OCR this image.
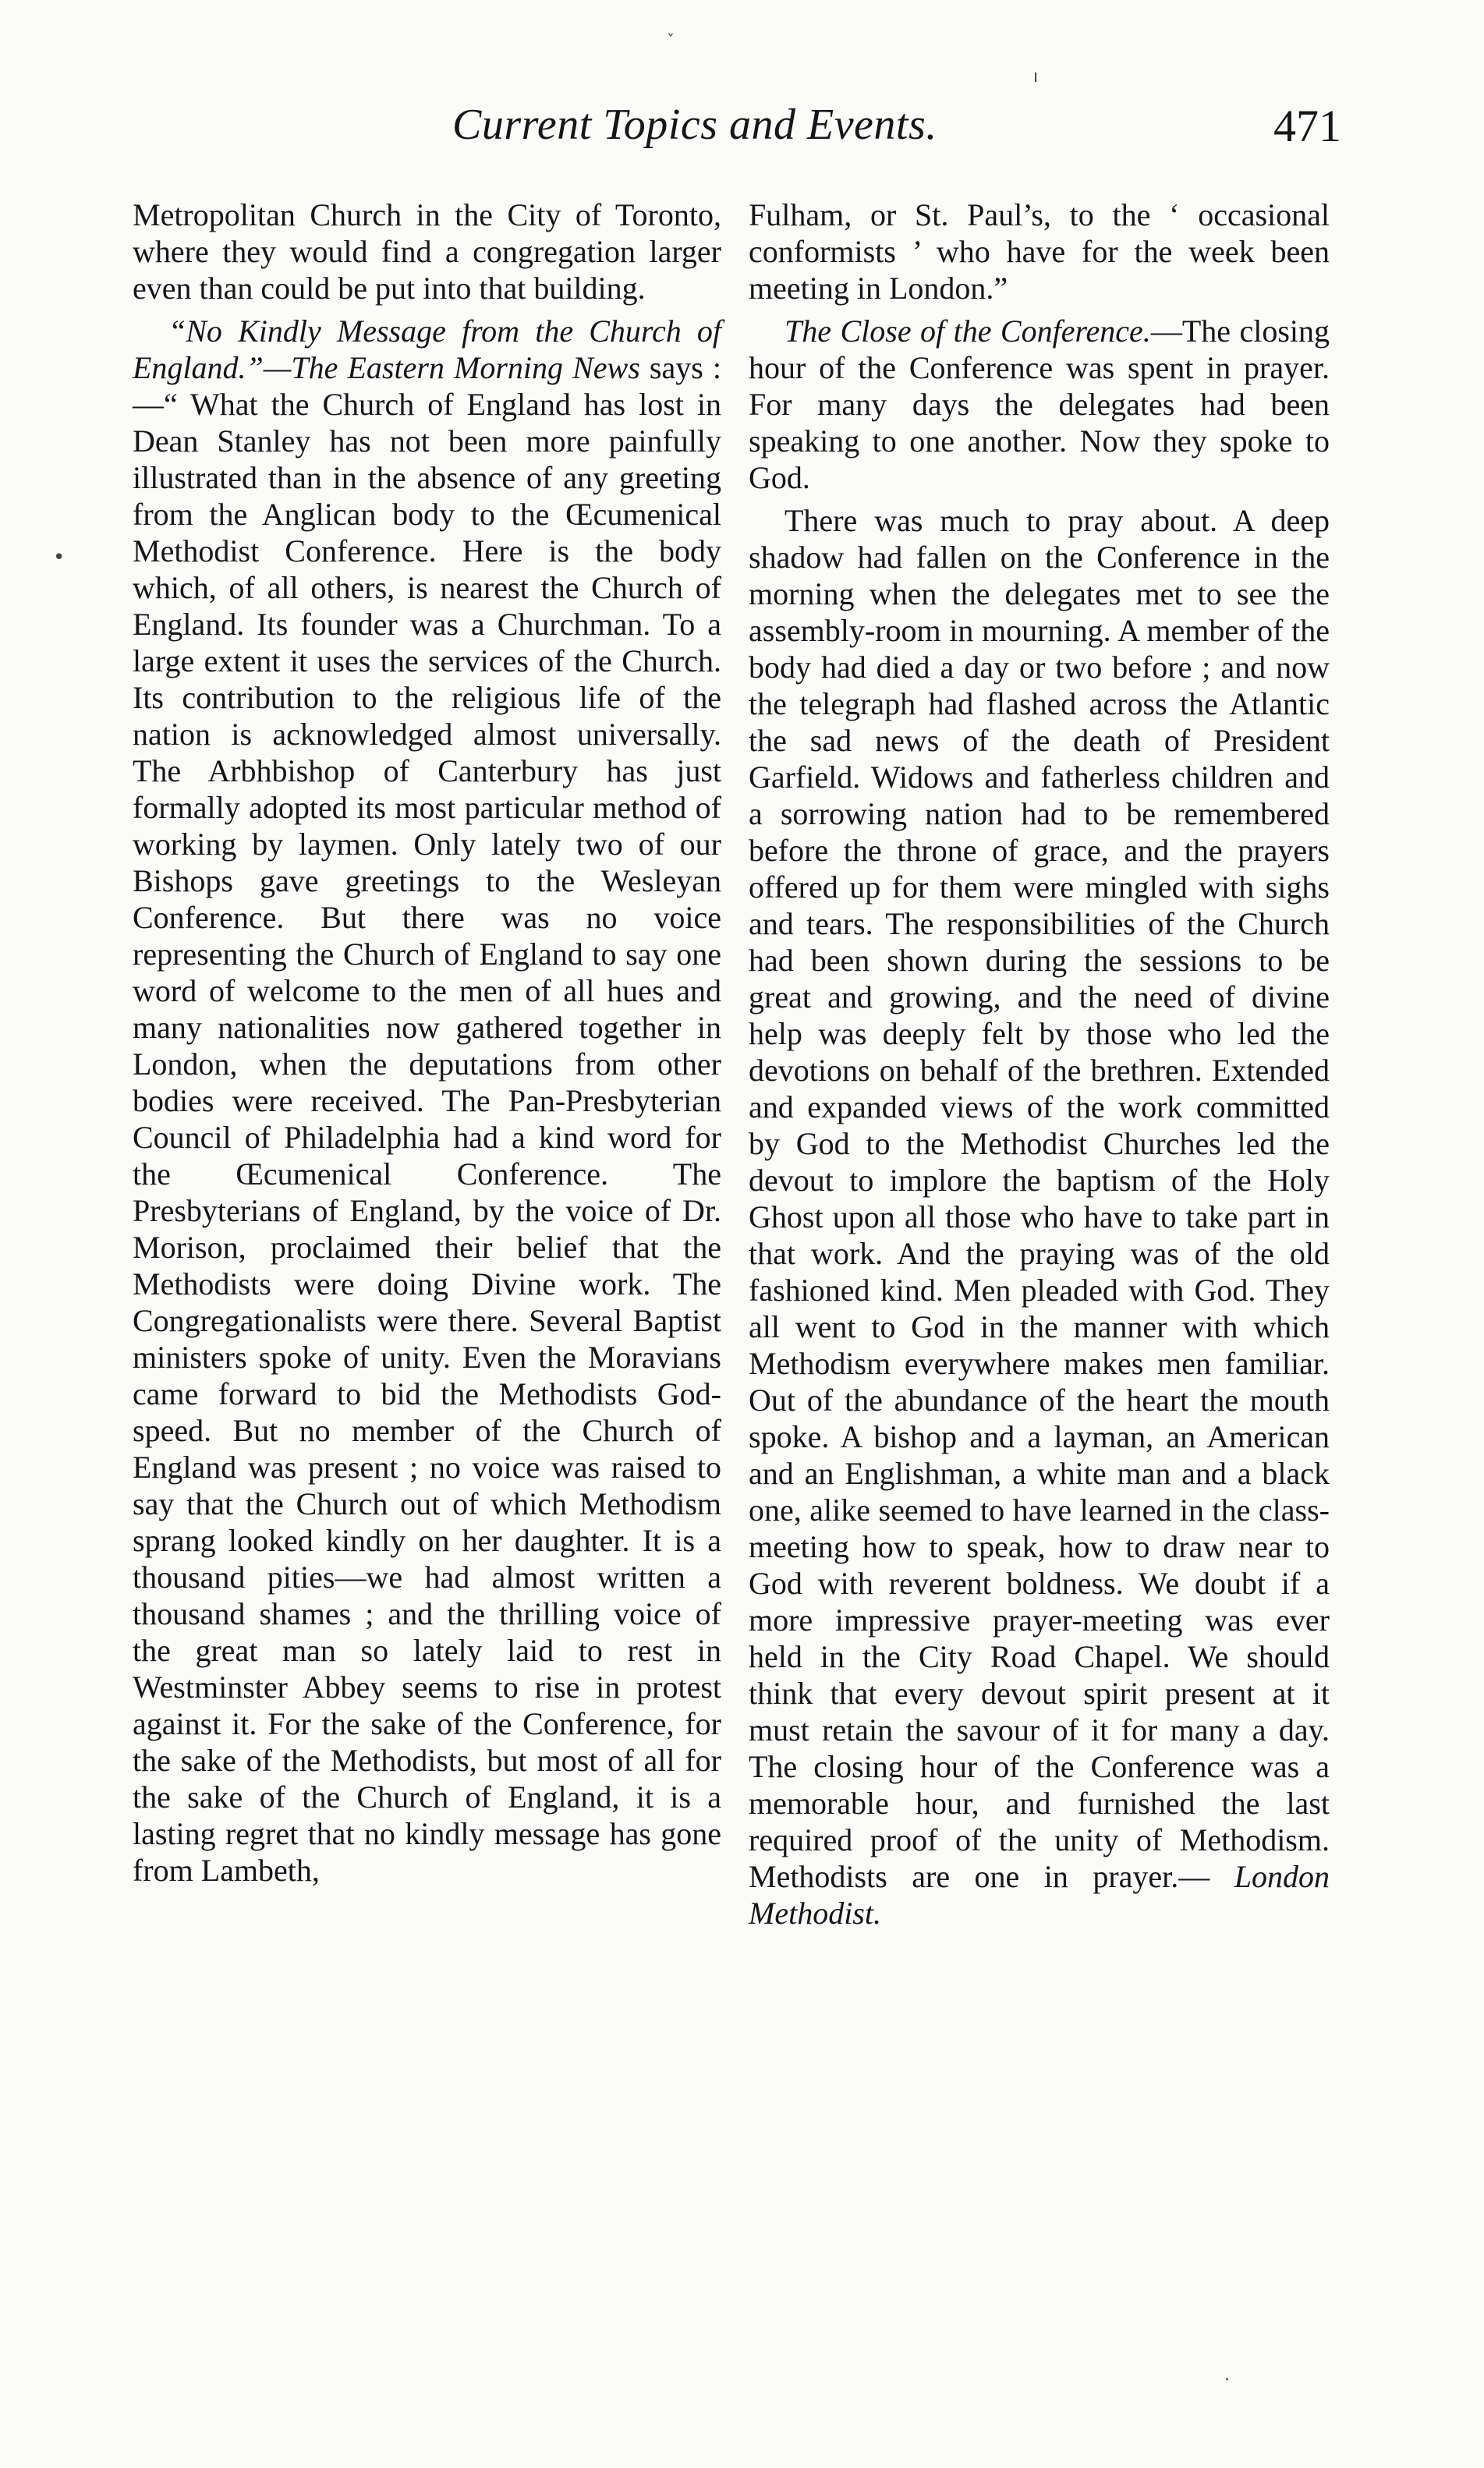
Current Topics and Events.	471
ˇ
ı
•

Metropolitan Church in the City of Toronto, where they would find a congregation larger even than could be put into that building.

“No Kindly Message from the Church of England.”—The Eastern Morning News says :—“ What the Church of England has lost in Dean Stanley has not been more painfully illustrated than in the absence of any greeting from the Anglican body to the Œcumenical Methodist Conference. Here is the body which, of all others, is nearest the Church of England. Its founder was a Churchman. To a large extent it uses the services of the Church. Its contribution to the religious life of the nation is acknowledged almost universally. The Arbhbishop of Canterbury has just formally adopted its most particular method of working by laymen. Only lately two of our Bishops gave greetings to the Wesleyan Conference. But there was no voice representing the Church of England to say one word of welcome to the men of all hues and many nationalities now gathered together in London, when the deputations from other bodies were received. The Pan-Presbyterian Council of Philadelphia had a kind word for the Œcumenical Conference. The Presbyterians of England, by the voice of Dr. Morison, proclaimed their belief that the Methodists were doing Divine work. The Congregationalists were there. Several Baptist ministers spoke of unity. Even the Moravians came forward to bid the Methodists God-speed. But no member of the Church of England was present ; no voice was raised to say that the Church out of which Methodism sprang looked kindly on her daughter. It is a thousand pities—we had almost written a thousand shames ; and the thrilling voice of the great man so lately laid to rest in Westminster Abbey seems to rise in protest against it. For the sake of the Conference, for the sake of the Methodists, but most of all for the sake of the Church of England, it is a lasting regret that no kindly message has gone from Lambeth,

Fulham, or St. Paul’s, to the ‘ occasional conformists ’ who have for the week been meeting in London.”

The Close of the Conference.—The closing hour of the Conference was spent in prayer. For many days the delegates had been speaking to one another. Now they spoke to God.

There was much to pray about. A deep shadow had fallen on the Conference in the morning when the delegates met to see the assembly-room in mourning. A member of the body had died a day or two before ; and now the telegraph had flashed across the Atlantic the sad news of the death of President Garfield. Widows and fatherless children and a sorrowing nation had to be remembered before the throne of grace, and the prayers offered up for them were mingled with sighs and tears. The responsibilities of the Church had been shown during the sessions to be great and growing, and the need of divine help was deeply felt by those who led the devotions on behalf of the brethren. Extended and expanded views of the work committed by God to the Methodist Churches led the devout to implore the baptism of the Holy Ghost upon all those who have to take part in that work. And the praying was of the old fashioned kind. Men pleaded with God. They all went to God in the manner with which Methodism everywhere makes men familiar. Out of the abundance of the heart the mouth spoke. A bishop and a layman, an American and an Englishman, a white man and a black one, alike seemed to have learned in the class-meeting how to speak, how to draw near to God with reverent boldness. We doubt if a more impressive prayer-meeting was ever held in the City Road Chapel. We should think that every devout spirit present at it must retain the savour of it for many a day. The closing hour of the Conference was a memorable hour, and furnished the last required proof of the unity of Methodism. Methodists are one in prayer.— London Methodist.

·
